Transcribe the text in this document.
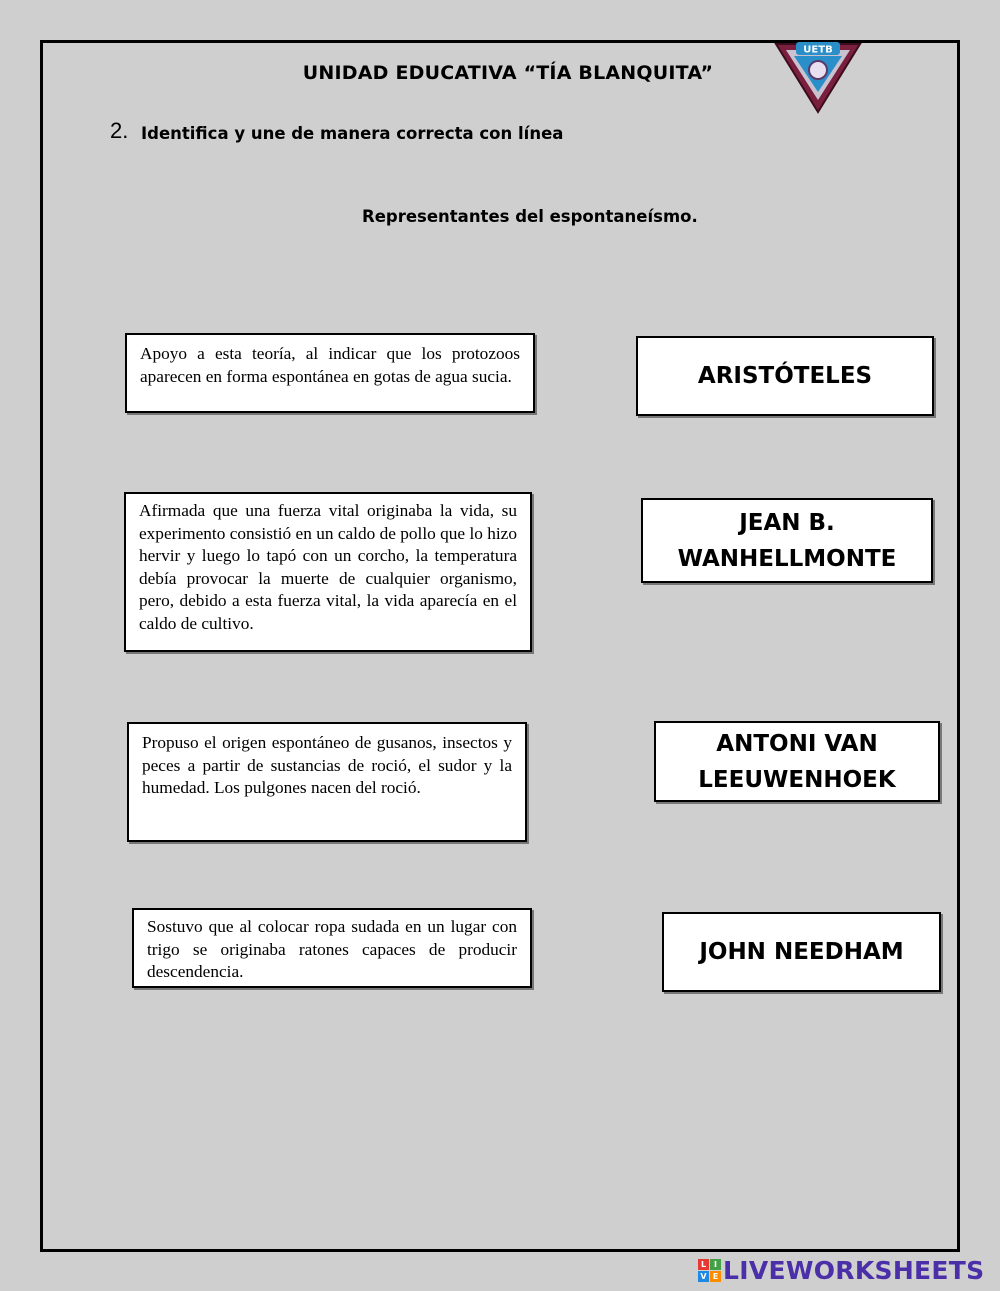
UNIDAD EDUCATIVA “TÍA BLANQUITA”
UETB
2. Identifica y une de manera correcta con línea
Representantes del espontaneísmo.
Apoyo a esta teoría, al indicar que los protozoos aparecen en forma espontánea en gotas de agua sucia.
Afirmada que una fuerza vital originaba la vida, su experimento consistió en un caldo de pollo que lo hizo hervir y luego lo tapó con un corcho, la temperatura debía provocar la muerte de cualquier organismo, pero, debido a esta fuerza vital, la vida aparecía en el caldo de cultivo.
Propuso el origen espontáneo de gusanos, insectos y peces a partir de sustancias de roció, el sudor y la humedad. Los pulgones nacen del roció.
Sostuvo que al colocar ropa sudada en un lugar con trigo se originaba ratones capaces de producir descendencia.
ARISTÓTELES
JEAN B. WANHELLMONTE
ANTONI VAN LEEUWENHOEK
JOHN NEEDHAM
L I
V E LIVEWORKSHEETS
